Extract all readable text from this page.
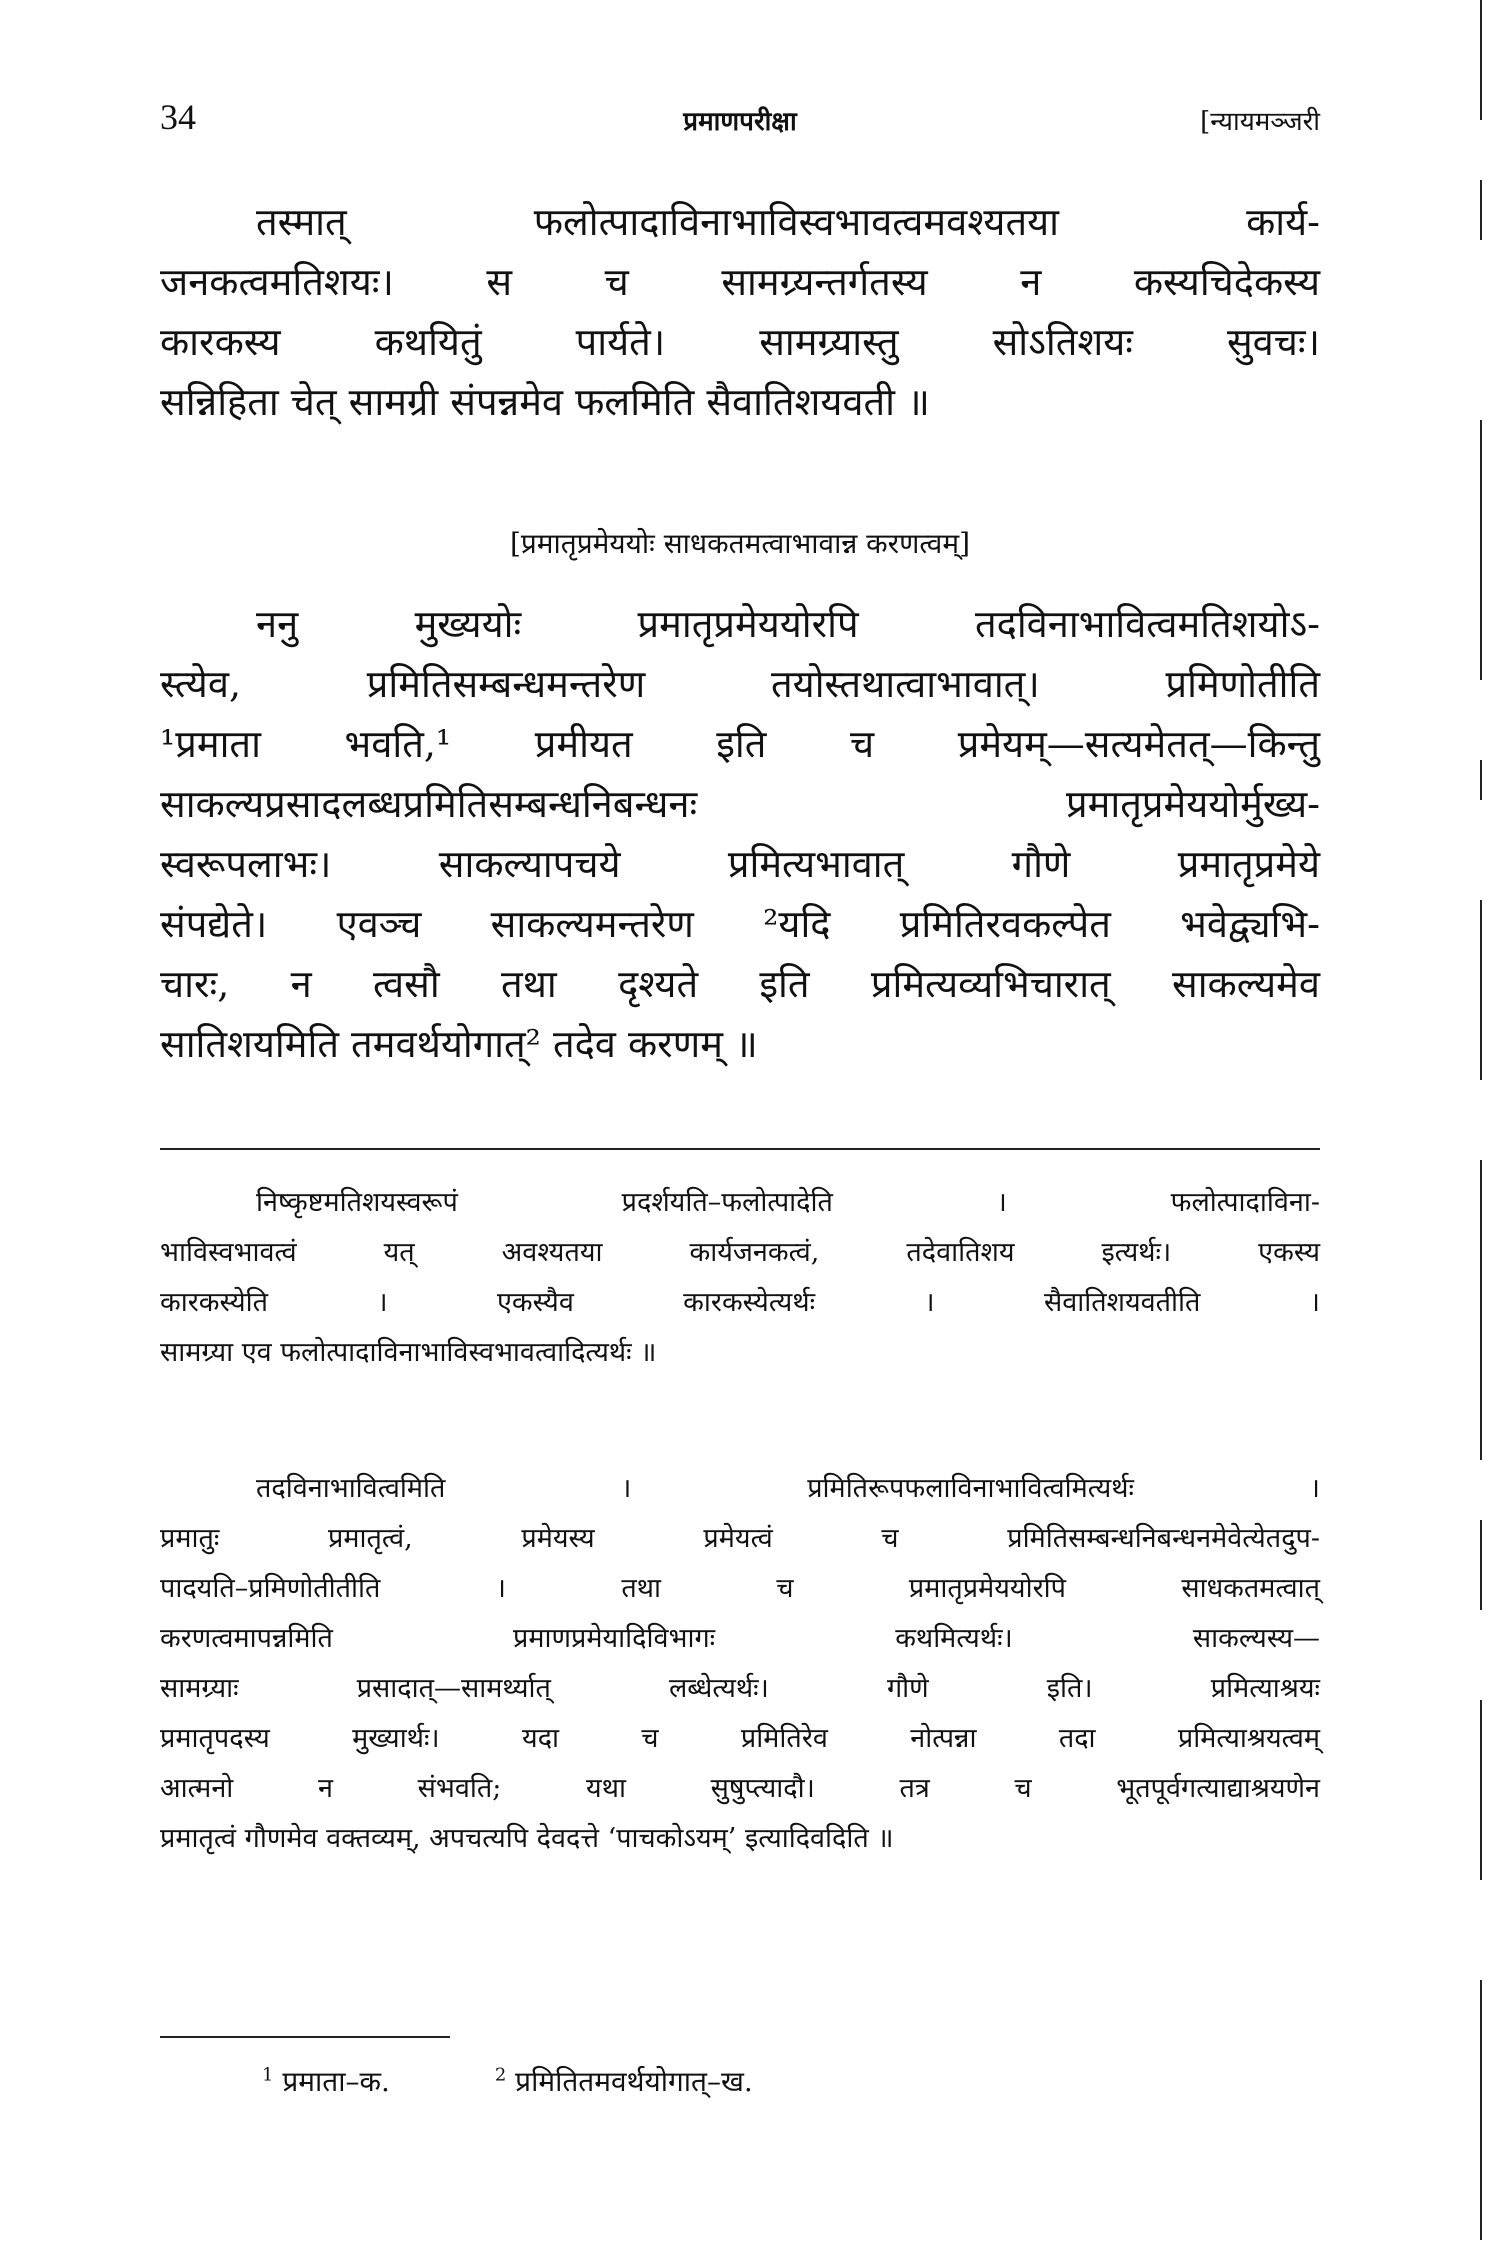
34	प्रमाणपरीक्षा	[न्यायमञ्जरी

तस्मात् फलोत्पादाविनाभाविस्वभावत्वमवश्यतया कार्य-

जनकत्वमतिशयः। स च सामग्र्यन्तर्गतस्य न कस्यचिदेकस्य

कारकस्य कथयितुं पार्यते। सामग्र्यास्तु सोऽतिशयः सुवचः।

सन्निहिता चेत् सामग्री संपन्नमेव फलमिति सैवातिशयवती ॥

[प्रमातृप्रमेययोः साधकतमत्वाभावान्न करणत्वम्]

ननु मुख्ययोः प्रमातृप्रमेययोरपि तदविनाभावित्वमतिशयोऽ-

स्त्येव, प्रमितिसम्बन्धमन्तरेण तयोस्तथात्वाभावात्। प्रमिणोतीति

¹प्रमाता भवति,¹ प्रमीयत इति च प्रमेयम्—सत्यमेतत्—किन्तु

साकल्यप्रसादलब्धप्रमितिसम्बन्धनिबन्धनः प्रमातृप्रमेययोर्मुख्य-

स्वरूपलाभः। साकल्यापचये प्रमित्यभावात् गौणे प्रमातृप्रमेये

संपद्येते। एवञ्च साकल्यमन्तरेण ²यदि प्रमितिरवकल्पेत भवेद्व्यभि-

चारः, न त्वसौ तथा दृश्यते इति प्रमित्यव्यभिचारात् साकल्यमेव

सातिशयमिति तमवर्थयोगात्² तदेव करणम् ॥

निष्कृष्टमतिशयस्वरूपं प्रदर्शयति–फलोत्पादेति । फलोत्पादाविना-

भाविस्वभावत्वं यत् अवश्यतया कार्यजनकत्वं, तदेवातिशय इत्यर्थः। एकस्य

कारकस्येति । एकस्यैव कारकस्येत्यर्थः । सैवातिशयवतीति ।

सामग्र्या एव फलोत्पादाविनाभाविस्वभावत्वादित्यर्थः ॥

तदविनाभावित्वमिति । प्रमितिरूपफलाविनाभावित्वमित्यर्थः ।

प्रमातुः प्रमातृत्वं, प्रमेयस्य प्रमेयत्वं च प्रमितिसम्बन्धनिबन्धनमेवेत्येतदुप-

पादयति–प्रमिणोतीतीति । तथा च प्रमातृप्रमेययोरपि साधकतमत्वात्

करणत्वमापन्नमिति प्रमाणप्रमेयादिविभागः कथमित्यर्थः। साकल्यस्य—

सामग्र्याः प्रसादात्—सामर्थ्यात् लब्धेत्यर्थः। गौणे इति। प्रमित्याश्रयः

प्रमातृपदस्य मुख्यार्थः। यदा च प्रमितिरेव नोत्पन्ना तदा प्रमित्याश्रयत्वम्

आत्मनो न संभवति; यथा सुषुप्त्यादौ। तत्र च भूतपूर्वगत्याद्याश्रयणेन

प्रमातृत्वं गौणमेव वक्तव्यम्, अपचत्यपि देवदत्ते ‘पाचकोऽयम्’ इत्यादिवदिति ॥

$^1$ प्रमाता–क.	$^2$ प्रमितितमवर्थयोगात्–ख.
